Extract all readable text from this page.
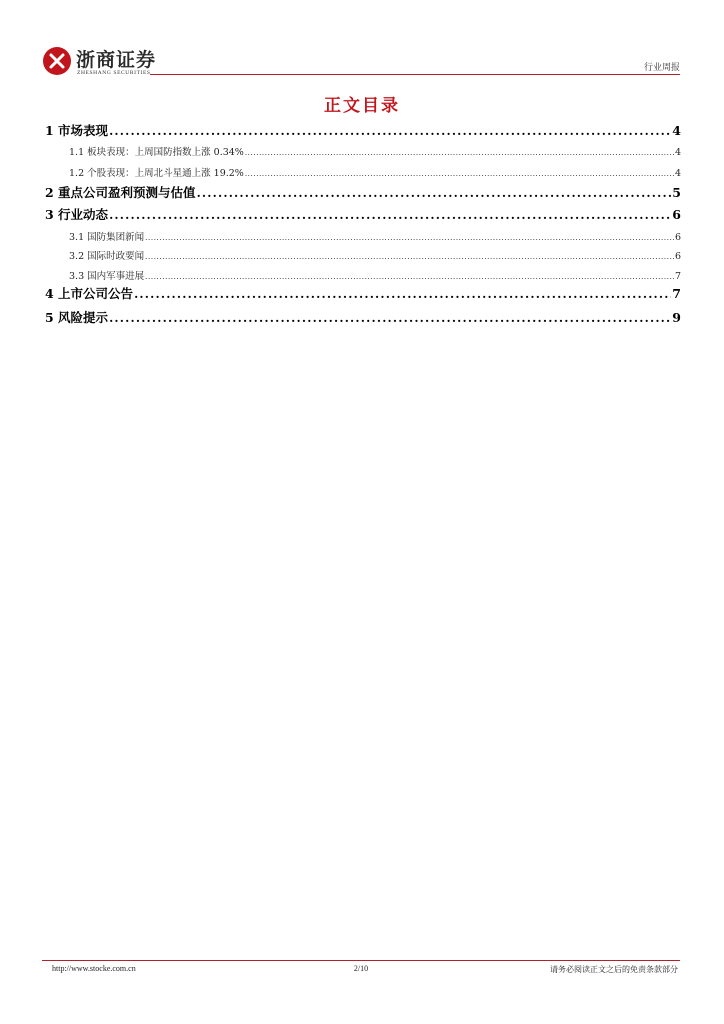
浙商证券
ZHESHANG SECURITIES	行业周报
正文目录
1 市场表现 . . .	4
1.1 板块表现：上周国防指数上涨 0.34% . . .	4
1.2 个股表现：上周北斗星通上涨 19.2% . . .	4
2 重点公司盈利预测与估值 . . .	5
3 行业动态 . . .	6
3.1 国防集团新闻 . . .	6
3.2 国际时政要闻 . . .	6
3.3 国内军事进展 . . .	7
4 上市公司公告 . . .	7
5 风险提示 . . .	9
http://www.stocke.com.cn	2/10	请务必阅读正文之后的免责条款部分
